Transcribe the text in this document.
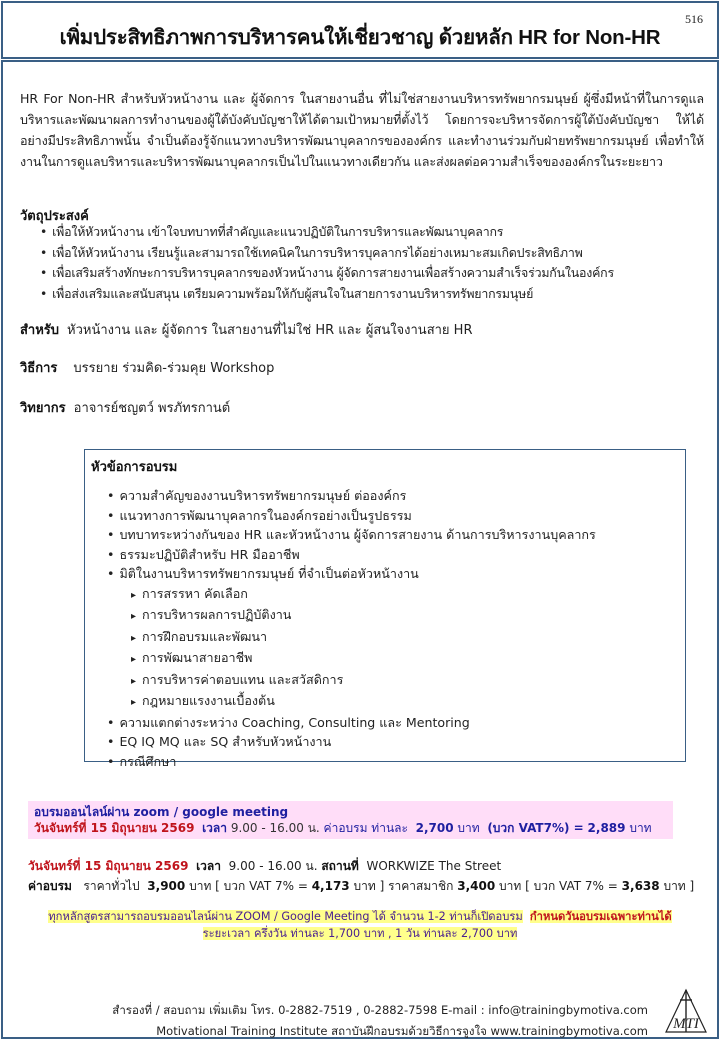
516
เพิ่มประสิทธิภาพการบริหารคนให้เชี่ยวชาญ ด้วยหลัก HR for Non-HR

HR For Non-HR สำหรับหัวหน้างาน และ ผู้จัดการ ในสายงานอื่น ที่ไม่ใช่สายงานบริหารทรัพยากรมนุษย์ ผู้ซึ่งมีหน้าที่ในการดูแลบริหารและพัฒนาผลการทำงานของผู้ใต้บังคับบัญชาให้ได้ตามเป้าหมายที่ตั้งไว้ โดยการจะบริหารจัดการผู้ใต้บังคับบัญชา ให้ได้อย่างมีประสิทธิภาพนั้น จำเป็นต้องรู้จักแนวทางบริหารพัฒนาบุคลากรขององค์กร และทำงานร่วมกับฝ่ายทรัพยากรมนุษย์ เพื่อทำให้งานในการดูแลบริหารและบริหารพัฒนาบุคลากรเป็นไปในแนวทางเดียวกัน และส่งผลต่อความสำเร็จขององค์กรในระยะยาว

วัตถุประสงค์
• เพื่อให้หัวหน้างาน เข้าใจบทบาทที่สำคัญและแนวปฏิบัติในการบริหารและพัฒนาบุคลากร
• เพื่อให้หัวหน้างาน เรียนรู้และสามารถใช้เทคนิคในการบริหารบุคลากรได้อย่างเหมาะสมเกิดประสิทธิภาพ
• เพื่อเสริมสร้างทักษะการบริหารบุคลากรของหัวหน้างาน ผู้จัดการสายงานเพื่อสร้างความสำเร็จร่วมกันในองค์กร
• เพื่อส่งเสริมและสนับสนุน เตรียมความพร้อมให้กับผู้สนใจในสายการงานบริหารทรัพยากรมนุษย์
สำหรับ หัวหน้างาน และ ผู้จัดการ ในสายงานที่ไม่ใช่ HR และ ผู้สนใจงานสาย HR
วิธีการ บรรยาย ร่วมคิด-ร่วมคุย Workshop
วิทยากร อาจารย์ชญตว์ พรภัทรกานต์
หัวข้อการอบรม
• ความสำคัญของงานบริหารทรัพยากรมนุษย์ ต่อองค์กร
• แนวทางการพัฒนาบุคลากรในองค์กรอย่างเป็นรูปธรรม
• บทบาทระหว่างกันของ HR และหัวหน้างาน ผู้จัดการสายงาน ด้านการบริหารงานบุคลากร
• ธรรมะปฏิบัติสำหรับ HR มืออาชีพ
• มิติในงานบริหารทรัพยากรมนุษย์ ที่จำเป็นต่อหัวหน้างาน
▸ การสรรหา คัดเลือก
▸ การบริหารผลการปฏิบัติงาน
▸ การฝึกอบรมและพัฒนา
▸ การพัฒนาสายอาชีพ
▸ การบริหารค่าตอบแทน และสวัสดิการ
▸ กฎหมายแรงงานเบื้องต้น
• ความแตกต่างระหว่าง Coaching, Consulting และ Mentoring
• EQ IQ MQ และ SQ สำหรับหัวหน้างาน
• กรณีศึกษา
อบรมออนไลน์ผ่าน zoom / google meeting
วันจันทร์ที่ 15 มิถุนายน 2569 เวลา 9.00 - 16.00 น. ค่าอบรม ท่านละ 2,700 บาท (บวก VAT7%) = 2,889 บาท
วันจันทร์ที่ 15 มิถุนายน 2569 เวลา 9.00 - 16.00 น. สถานที่ WORKWIZE The Street
ค่าอบรม ราคาทั่วไป 3,900 บาท [ บวก VAT 7% = 4,173 บาท ] ราคาสมาชิก 3,400 บาท [ บวก VAT 7% = 3,638 บาท ]
ทุกหลักสูตรสามารถอบรมออนไลน์ผ่าน ZOOM / Google Meeting ได้ จำนวน 1-2 ท่านก็เปิดอบรม กำหนดวันอบรมเฉพาะท่านได้
ระยะเวลา ครึ่งวัน ท่านละ 1,700 บาท , 1 วัน ท่านละ 2,700 บาท
สำรองที่ / สอบถาม เพิ่มเติม โทร. 0-2882-7519 , 0-2882-7598 E-mail : info@trainingbymotiva.com
Motivational Training Institute สถาบันฝึกอบรมด้วยวิธีการจูงใจ www.trainingbymotiva.com MTI
